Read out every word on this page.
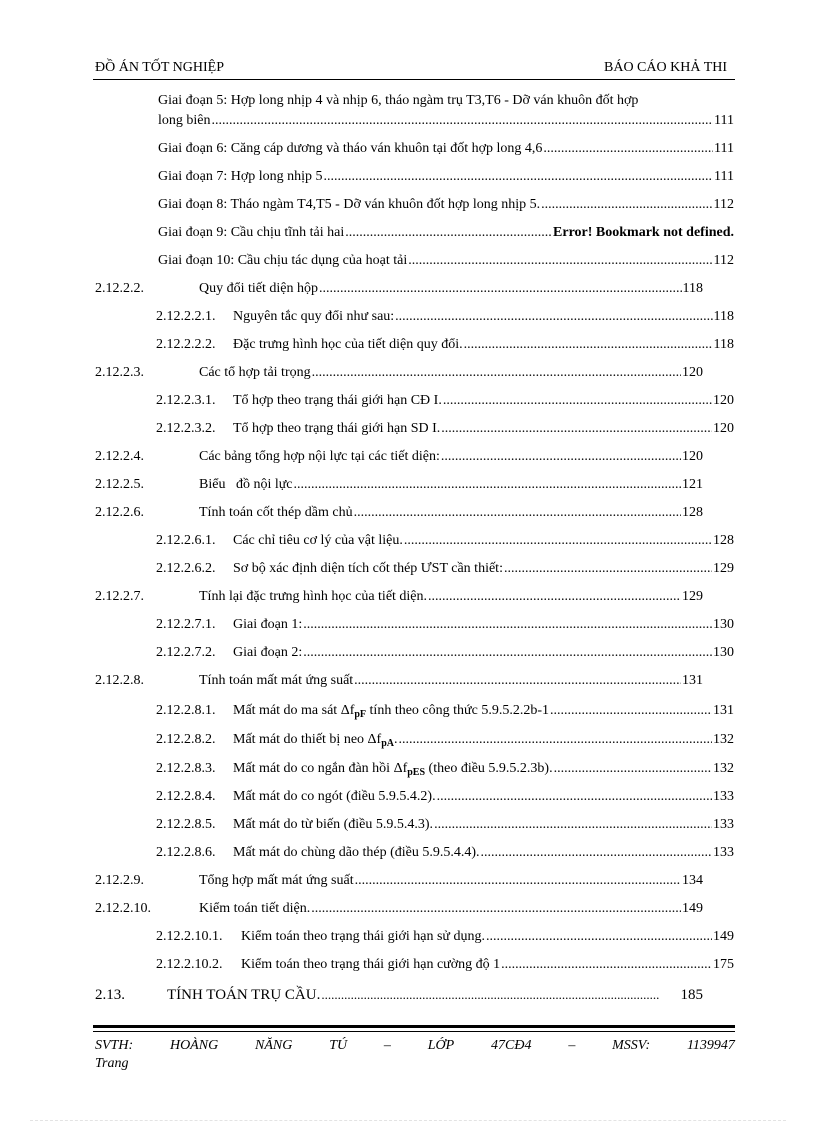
ĐỒ ÁN TỐT NGHIỆP	BÁO CÁO KHẢ THI
Giai đoạn 5: Hợp long nhịp 4 và nhịp 6, tháo ngàm trụ T3,T6 - Dỡ ván khuôn đốt hợp
long biên .....	111
Giai đoạn 6: Căng cáp dương và tháo ván khuôn tại đốt hợp long 4,6 .....	111
Giai đoạn 7: Hợp long nhịp 5 .....	111
Giai đoạn 8: Tháo ngàm T4,T5 - Dỡ ván khuôn đốt hợp long nhịp 5. .....	112
Giai đoạn 9: Cầu chịu tĩnh tải hai .....	Error! Bookmark not defined.
Giai đoạn 10: Cầu chịu tác dụng của hoạt tải .....	112
2.12.2.2.	Quy đổi tiết diện hộp .....	118
2.12.2.2.1.	Nguyên tắc quy đổi như sau: .....	118
2.12.2.2.2.	Đặc trưng hình học của tiết diện quy đổi. .....	118
2.12.2.3.	Các tổ hợp tải trọng .....	120
2.12.2.3.1.	Tổ hợp theo trạng thái giới hạn CĐ I. .....	120
2.12.2.3.2.	Tổ hợp theo trạng thái giới hạn SD I. .....	120
2.12.2.4.	Các bảng tổng hợp nội lực tại các tiết diện: .....	120
2.12.2.5.	Biểu   đồ nội lực .....	121
2.12.2.6.	Tính toán cốt thép dầm chủ .....	128
2.12.2.6.1.	Các chỉ tiêu cơ lý của vật liệu. .....	128
2.12.2.6.2.	Sơ bộ xác định diện tích cốt thép ƯST cần thiết: .....	129
2.12.2.7.	Tính lại đặc trưng hình học của tiết diện. .....	129
2.12.2.7.1.	Giai đoạn 1: .....	130
2.12.2.7.2.	Giai đoạn 2: .....	130
2.12.2.8.	Tính toán mất mát ứng suất .....	131
2.12.2.8.1.	Mất mát do ma sát $\Delta f_{pF}$ tính theo công thức 5.9.5.2.2b-1 .....	131
2.12.2.8.2.	Mất mát do thiết bị neo $\Delta f_{pA}$. .....	132
2.12.2.8.3.	Mất mát do co ngắn đàn hồi $\Delta f_{pES}$ (theo điều 5.9.5.2.3b). .....	132
2.12.2.8.4.	Mất mát do co ngót (điều 5.9.5.4.2). .....	133
2.12.2.8.5.	Mất mát do từ biến (điều 5.9.5.4.3). .....	133
2.12.2.8.6.	Mất mát do chùng dão thép (điều 5.9.5.4.4). .....	133
2.12.2.9.	Tổng hợp mất mát ứng suất .....	134
2.12.2.10.	Kiểm toán tiết diện. .....	149
2.12.2.10.1.	Kiểm toán theo trạng thái giới hạn sử dụng. .....	149
2.12.2.10.2.	Kiểm toán theo trạng thái giới hạn cường độ 1 .....	175
2.13.	TÍNH TOÁN TRỤ CẦU. .....	185
SVTH:	HOÀNG	NĂNG	TÚ	–	LỚP	47CĐ4	–	MSSV:	1139947
Trang
